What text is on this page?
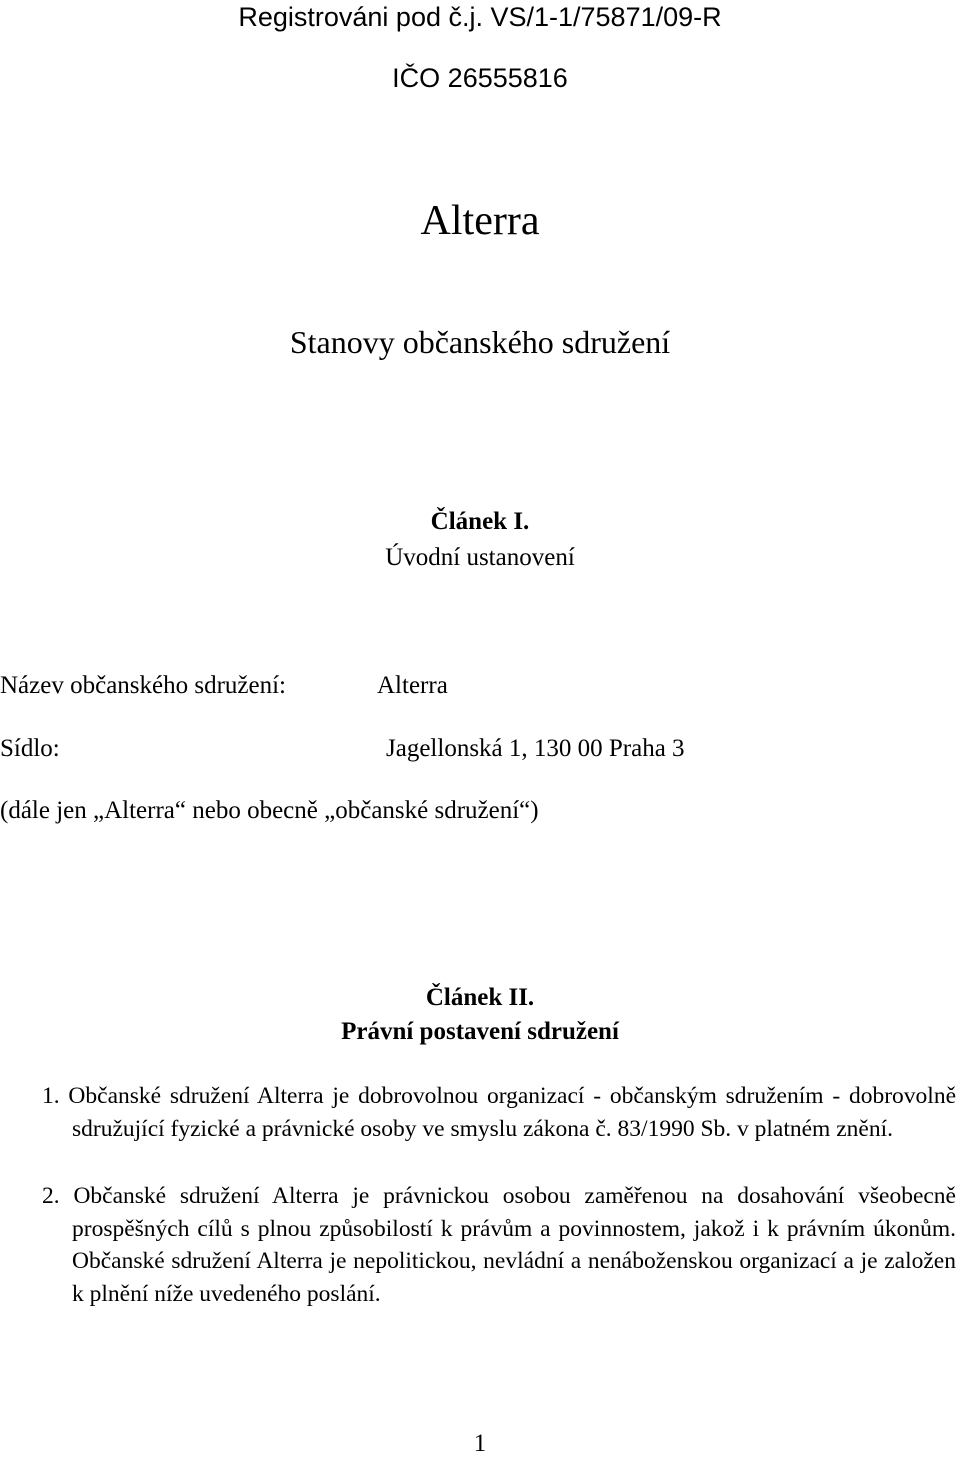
Registrováni pod č.j. VS/1-1/75871/09-R

IČO 26555816

Alterra
Stanovy občanského sdružení
Článek I.
Úvodní ustanovení
Název občanského sdružení:	Alterra
Sídlo:	Jagellonská 1, 130 00 Praha 3
(dále jen „Alterra“ nebo obecně „občanské sdružení“)
Článek II.
Právní postavení sdružení

1. Občanské sdružení Alterra je dobrovolnou organizací - občanským sdružením - dobrovolně sdružující fyzické a právnické osoby ve smyslu zákona č. 83/1990 Sb. v platném znění.

2. Občanské sdružení Alterra je právnickou osobou zaměřenou na dosahování všeobecně prospěšných cílů s plnou způsobilostí k právům a povinnostem, jakož i k právním úkonům. Občanské sdružení Alterra je nepolitickou, nevládní a nenáboženskou organizací a je založen k plnění níže uvedeného poslání.

1
